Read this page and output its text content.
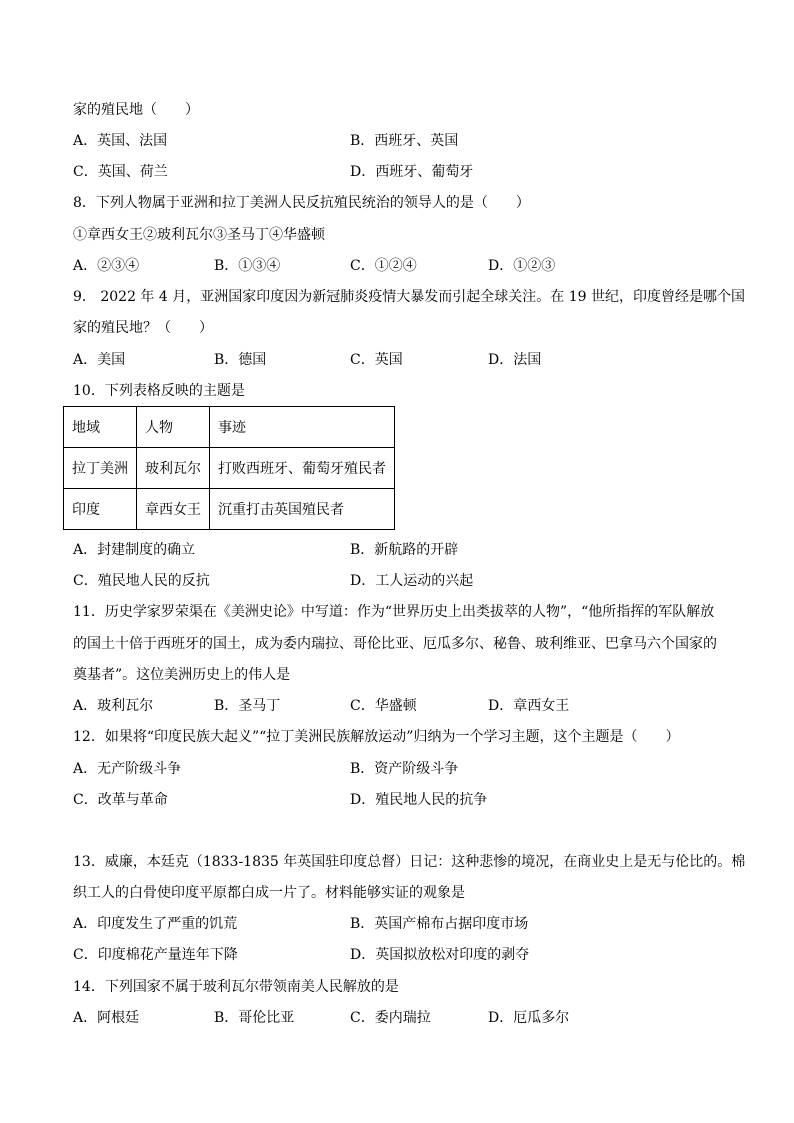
家的殖民地（　　）
A．英国、法国	B．西班牙、英国
C．英国、荷兰	D．西班牙、葡萄牙
8．下列人物属于亚洲和拉丁美洲人民反抗殖民统治的领导人的是（　　）
①章西女王②玻利瓦尔③圣马丁④华盛顿
A．②③④	B．①③④	C．①②④	D．①②③
9． 2022 年 4 月，亚洲国家印度因为新冠肺炎疫情大暴发而引起全球关注。在 19 世纪，印度曾经是哪个国
家的殖民地？（　　）
A．美国	B．德国	C．英国	D．法国
10．下列表格反映的主题是
地域	人物	事迹
拉丁美洲	玻利瓦尔	打败西班牙、葡萄牙殖民者
印度	章西女王	沉重打击英国殖民者
A．封建制度的确立	B．新航路的开辟
C．殖民地人民的反抗	D．工人运动的兴起
11．历史学家罗荣渠在《美洲史论》中写道：作为“世界历史上出类拔萃的人物”，“他所指挥的军队解放
的国土十倍于西班牙的国土，成为委内瑞拉、哥伦比亚、厄瓜多尔、秘鲁、玻利维亚、巴拿马六个国家的
奠基者”。这位美洲历史上的伟人是
A．玻利瓦尔	B．圣马丁	C．华盛顿	D．章西女王
12．如果将“印度民族大起义”“拉丁美洲民族解放运动”归纳为一个学习主题，这个主题是（　　）
A．无产阶级斗争	B．资产阶级斗争
C．改革与革命	D．殖民地人民的抗争
13．威廉，本廷克（1833-1835 年英国驻印度总督）日记：这种悲惨的境况，在商业史上是无与伦比的。棉
织工人的白骨使印度平原都白成一片了。材料能够实证的观象是
A．印度发生了严重的饥荒	B．英国产棉布占据印度市场
C．印度棉花产量连年下降	D．英国拟放松对印度的剥夺
14．下列国家不属于玻利瓦尔带领南美人民解放的是
A．阿根廷	B．哥伦比亚	C．委内瑞拉	D．厄瓜多尔
